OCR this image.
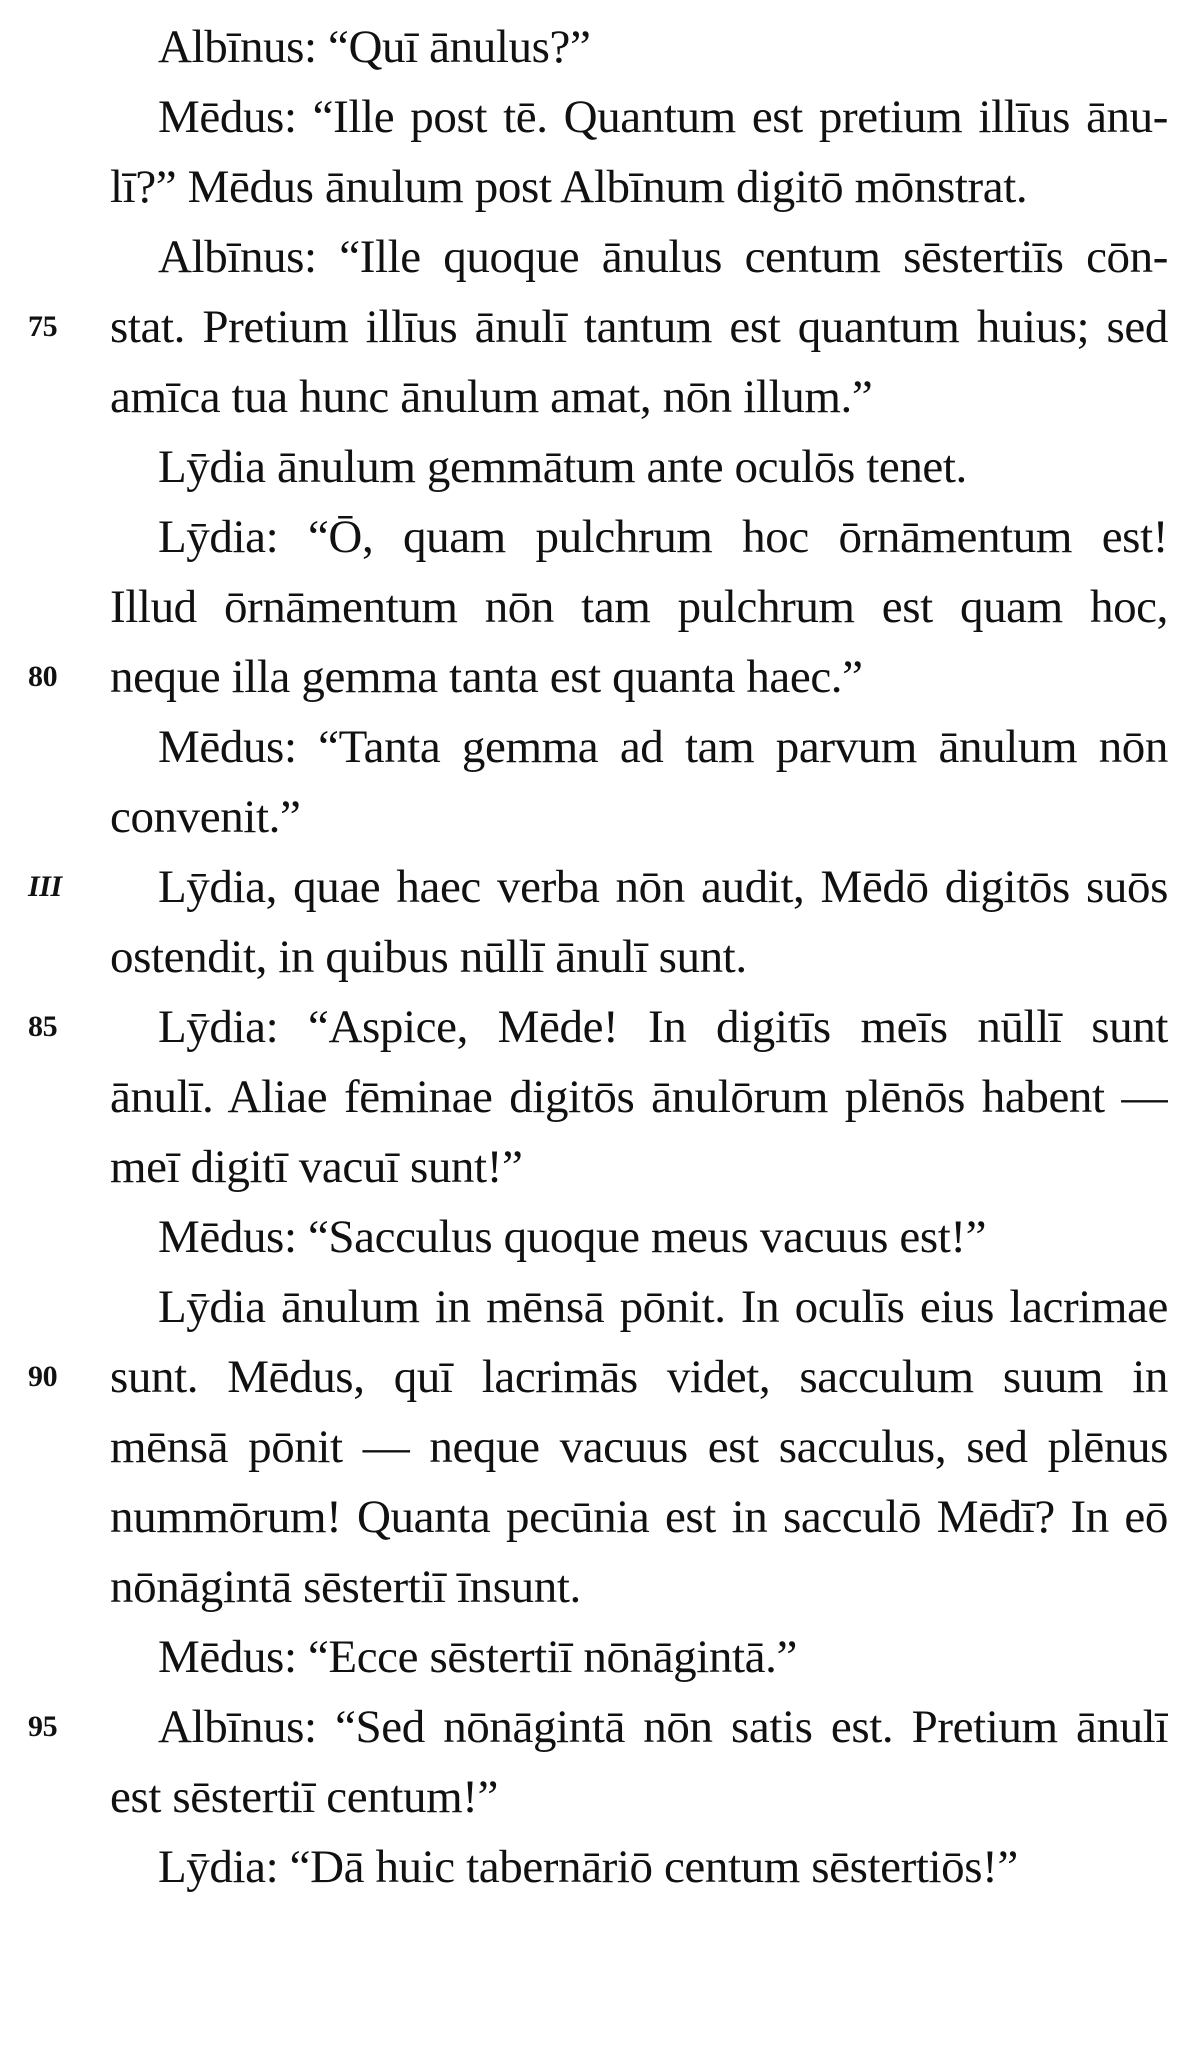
Albīnus: “Quī ānulus?”
Mēdus: “Ille post tē. Quantum est pretium illīus ānu-
lī?” Mēdus ānulum post Albīnum digitō mōnstrat.
Albīnus: “Ille quoque ānulus centum sēstertiīs cōn-
75 stat. Pretium illīus ānulī tantum est quantum huius; sed
amīca tua hunc ānulum amat, nōn illum.”
Lȳdia ānulum gemmātum ante oculōs tenet.
Lȳdia: “Ō, quam pulchrum hoc ōrnāmentum est!
Illud ōrnāmentum nōn tam pulchrum est quam hoc,
80 neque illa gemma tanta est quanta haec.”
Mēdus: “Tanta gemma ad tam parvum ānulum nōn
convenit.”
III Lȳdia, quae haec verba nōn audit, Mēdō digitōs suōs
ostendit, in quibus nūllī ānulī sunt.
85 Lȳdia: “Aspice, Mēde! In digitīs meīs nūllī sunt
ānulī. Aliae fēminae digitōs ānulōrum plēnōs habent —
meī digitī vacuī sunt!”
Mēdus: “Sacculus quoque meus vacuus est!”
Lȳdia ānulum in mēnsā pōnit. In oculīs eius lacrimae
90 sunt. Mēdus, quī lacrimās videt, sacculum suum in
mēnsā pōnit — neque vacuus est sacculus, sed plēnus
nummōrum! Quanta pecūnia est in sacculō Mēdī? In eō
nōnāgintā sēstertiī īnsunt.
Mēdus: “Ecce sēstertiī nōnāgintā.”
95 Albīnus: “Sed nōnāgintā nōn satis est. Pretium ānulī
est sēstertiī centum!”
Lȳdia: “Dā huic tabernāriō centum sēstertiōs!”
